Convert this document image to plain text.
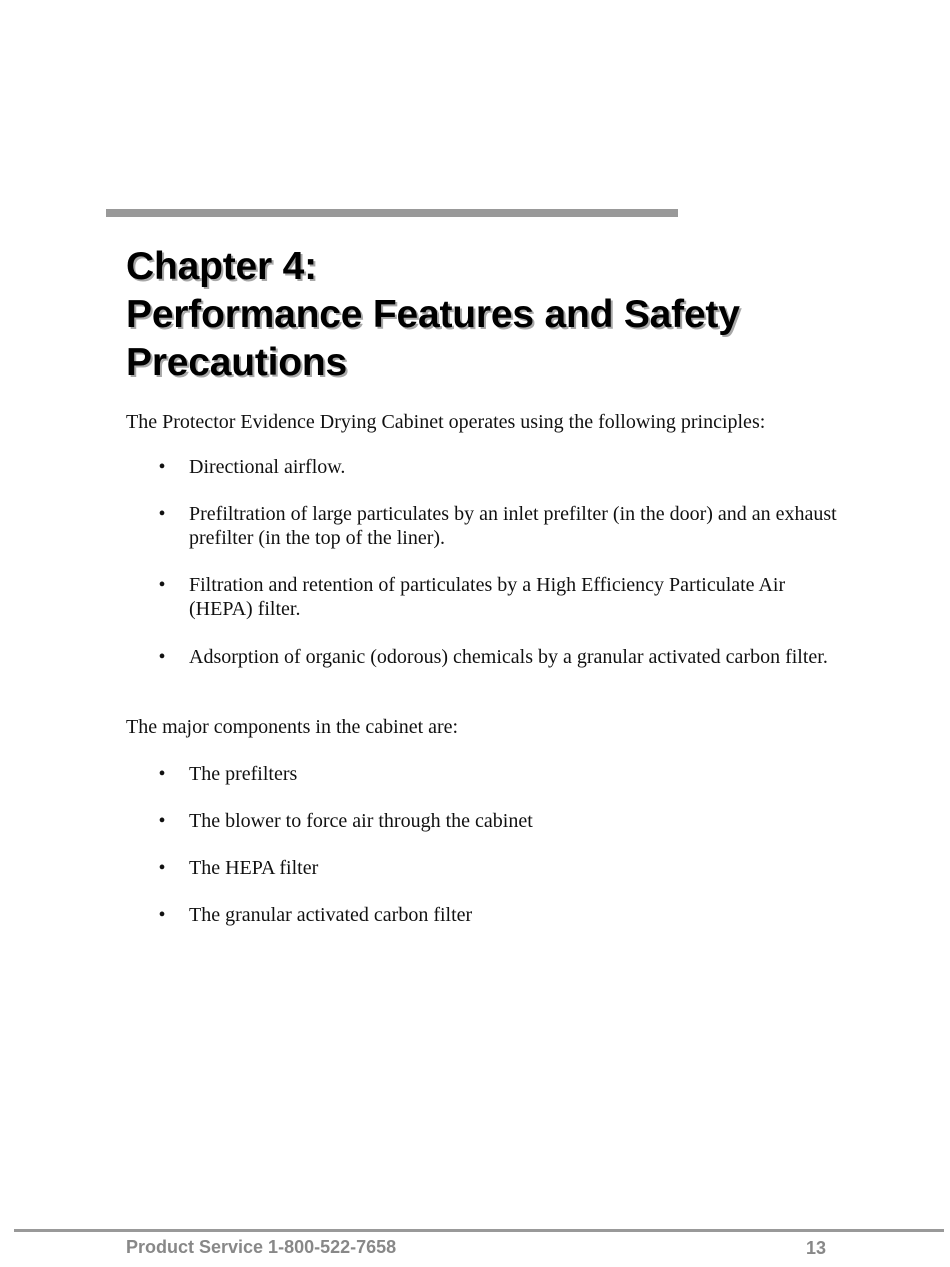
Chapter 4:
Performance Features and Safety
Precautions

The Protector Evidence Drying Cabinet operates using the following principles:

• Directional airflow.
• Prefiltration of large particulates by an inlet prefilter (in the door) and an exhaust prefilter (in the top of the liner).
• Filtration and retention of particulates by a High Efficiency Particulate Air (HEPA) filter.
• Adsorption of organic (odorous) chemicals by a granular activated carbon filter.

The major components in the cabinet are:

• The prefilters
• The blower to force air through the cabinet
• The HEPA filter
• The granular activated carbon filter
Product Service 1-800-522-7658	13
